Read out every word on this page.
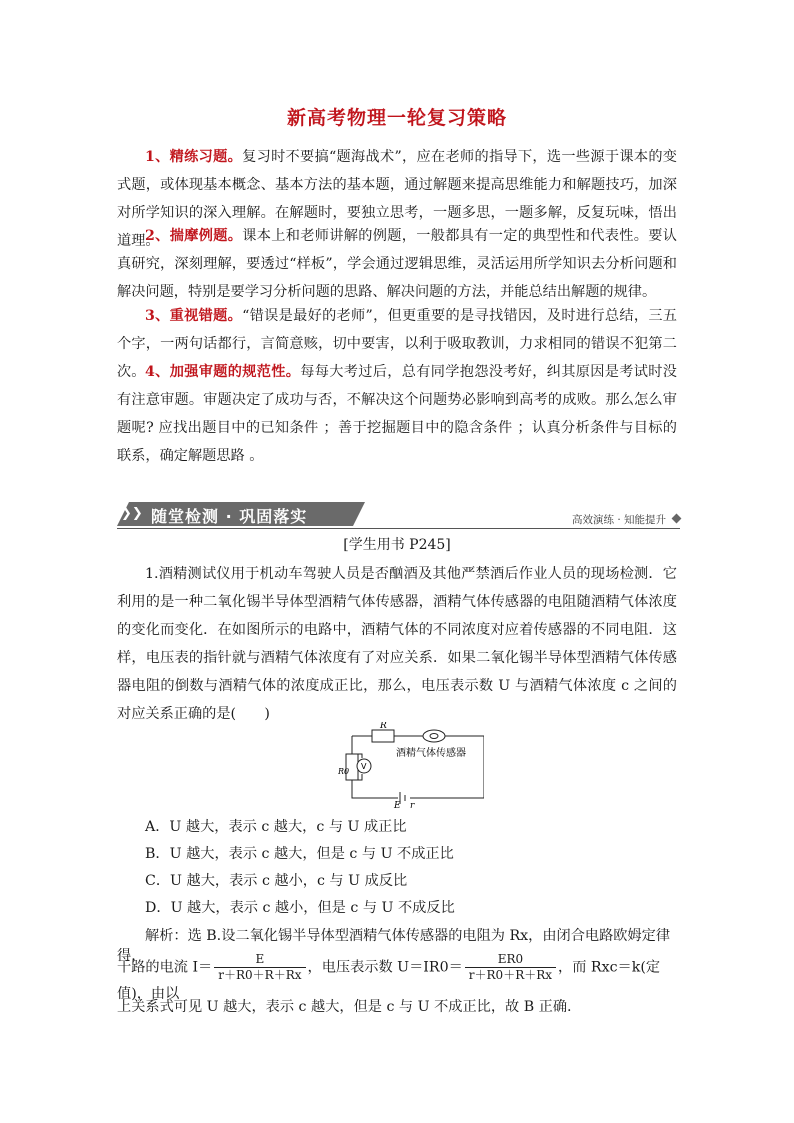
新高考物理一轮复习策略
1、精练习题。复习时不要搞“题海战术”，应在老师的指导下，选一些源于课本的变式题，或体现基本概念、基本方法的基本题，通过解题来提高思维能力和解题技巧，加深对所学知识的深入理解。在解题时，要独立思考，一题多思，一题多解，反复玩味，悟出道理。
2、揣摩例题。课本上和老师讲解的例题，一般都具有一定的典型性和代表性。要认真研究，深刻理解，要透过“样板”，学会通过逻辑思维，灵活运用所学知识去分析问题和解决问题，特别是要学习分析问题的思路、解决问题的方法，并能总结出解题的规律。
3、重视错题。“错误是最好的老师”，但更重要的是寻找错因，及时进行总结，三五个字，一两句话都行，言简意赅，切中要害，以利于吸取教训，力求相同的错误不犯第二次。 4、加强审题的规范性。每每大考过后，总有同学抱怨没考好，纠其原因是考试时没有注意审题。审题决定了成功与否，不解决这个问题势必影响到高考的成败。那么怎么审题呢? 应找出题目中的已知条件 ；善于挖掘题目中的隐含条件 ；认真分析条件与目标的联系，确定解题思路 。
❯❯ 随堂检测 · 巩固落实	高效演练 · 知能提升
[学生用书 P245]
1.酒精测试仪用于机动车驾驶人员是否酗酒及其他严禁酒后作业人员的现场检测．它利用的是一种二氧化锡半导体型酒精气体传感器，酒精气体传感器的电阻随酒精气体浓度的变化而变化．在如图所示的电路中，酒精气体的不同浓度对应着传感器的不同电阻．这样，电压表的指针就与酒精气体浓度有了对应关系．如果二氧化锡半导体型酒精气体传感器电阻的倒数与酒精气体的浓度成正比，那么，电压表示数 U 与酒精气体浓度 c 之间的对应关系正确的是(　　)
R
R0
V
酒精气体传感器
E r
A．U 越大，表示 c 越大，c 与 U 成正比
B．U 越大，表示 c 越大，但是 c 与 U 不成正比
C．U 越大，表示 c 越小，c 与 U 成反比
D．U 越大，表示 c 越小，但是 c 与 U 不成反比
解析：选 B.设二氧化锡半导体型酒精气体传感器的电阻为 Rx，由闭合电路欧姆定律得，
干路的电流 $I= \frac{E}{r+R0+R+Rx}$ ，电压表示数 $U=IR0= \frac{ER0}{r+R0+R+Rx}$ ，而 Rxc＝k(定值)，由以
上关系式可见 U 越大，表示 c 越大，但是 c 与 U 不成正比，故 B 正确.
